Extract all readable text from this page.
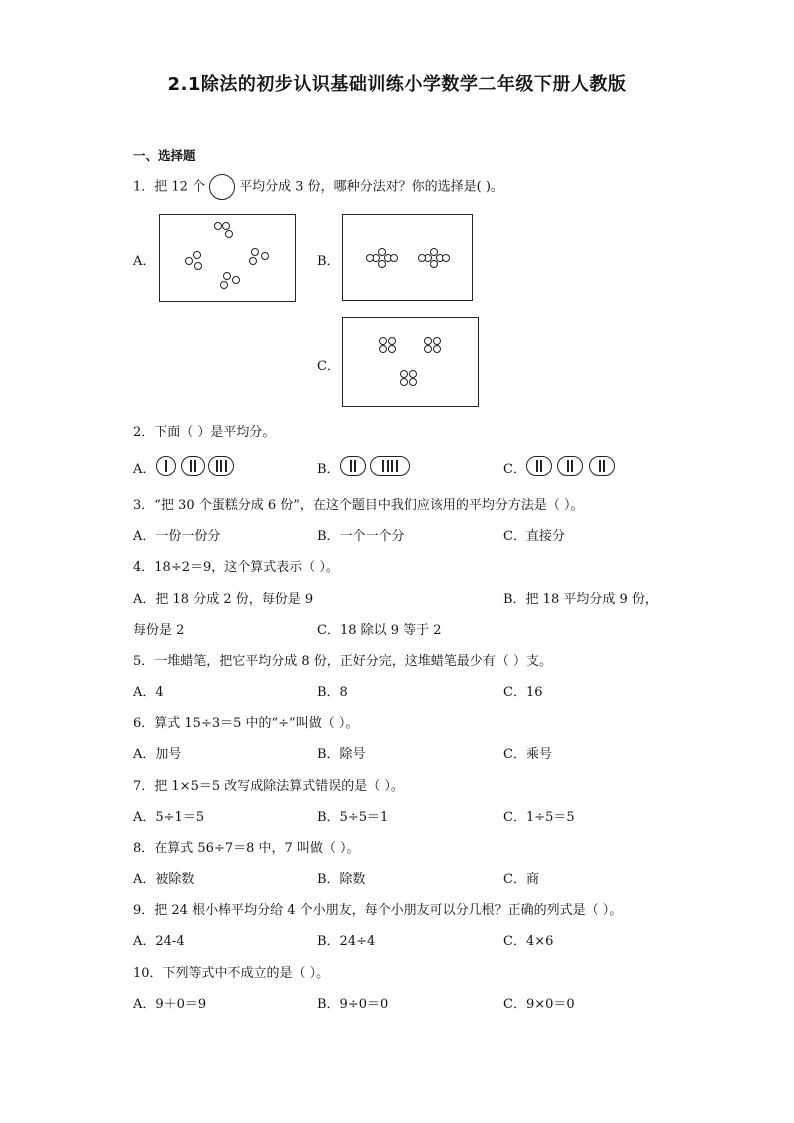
2.1除法的初步认识基础训练小学数学二年级下册人教版
一、选择题
1．把 12 个	平均分成 3 份，哪种分法对？你的选择是( )。
A．	B．
C．
2．下面（ ）是平均分。
A．	B．	C．
3．“把 30 个蛋糕分成 6 份”，在这个题目中我们应该用的平均分方法是（ ）。
A．一份一份分	B．一个一个分	C．直接分
4．18÷2＝9，这个算式表示（ ）。
A．把 18 分成 2 份，每份是 9	B．把 18 平均分成 9 份，
每份是 2	C．18 除以 9 等于 2
5．一堆蜡笔，把它平均分成 8 份，正好分完，这堆蜡笔最少有（ ）支。
A．4	B．8	C．16
6．算式 15÷3＝5 中的“÷”叫做（ ）。
A．加号	B．除号	C．乘号
7．把 1×5＝5 改写成除法算式错误的是（ ）。
A．5÷1＝5	B．5÷5＝1	C．1÷5＝5
8．在算式 56÷7＝8 中，7 叫做（ ）。
A．被除数	B．除数	C．商
9．把 24 根小棒平均分给 4 个小朋友，每个小朋友可以分几根？正确的列式是（ ）。
A．24-4	B．24÷4	C．4×6
10．下列等式中不成立的是（ ）。
A．9＋0＝9	B．9÷0＝0	C．9×0＝0
